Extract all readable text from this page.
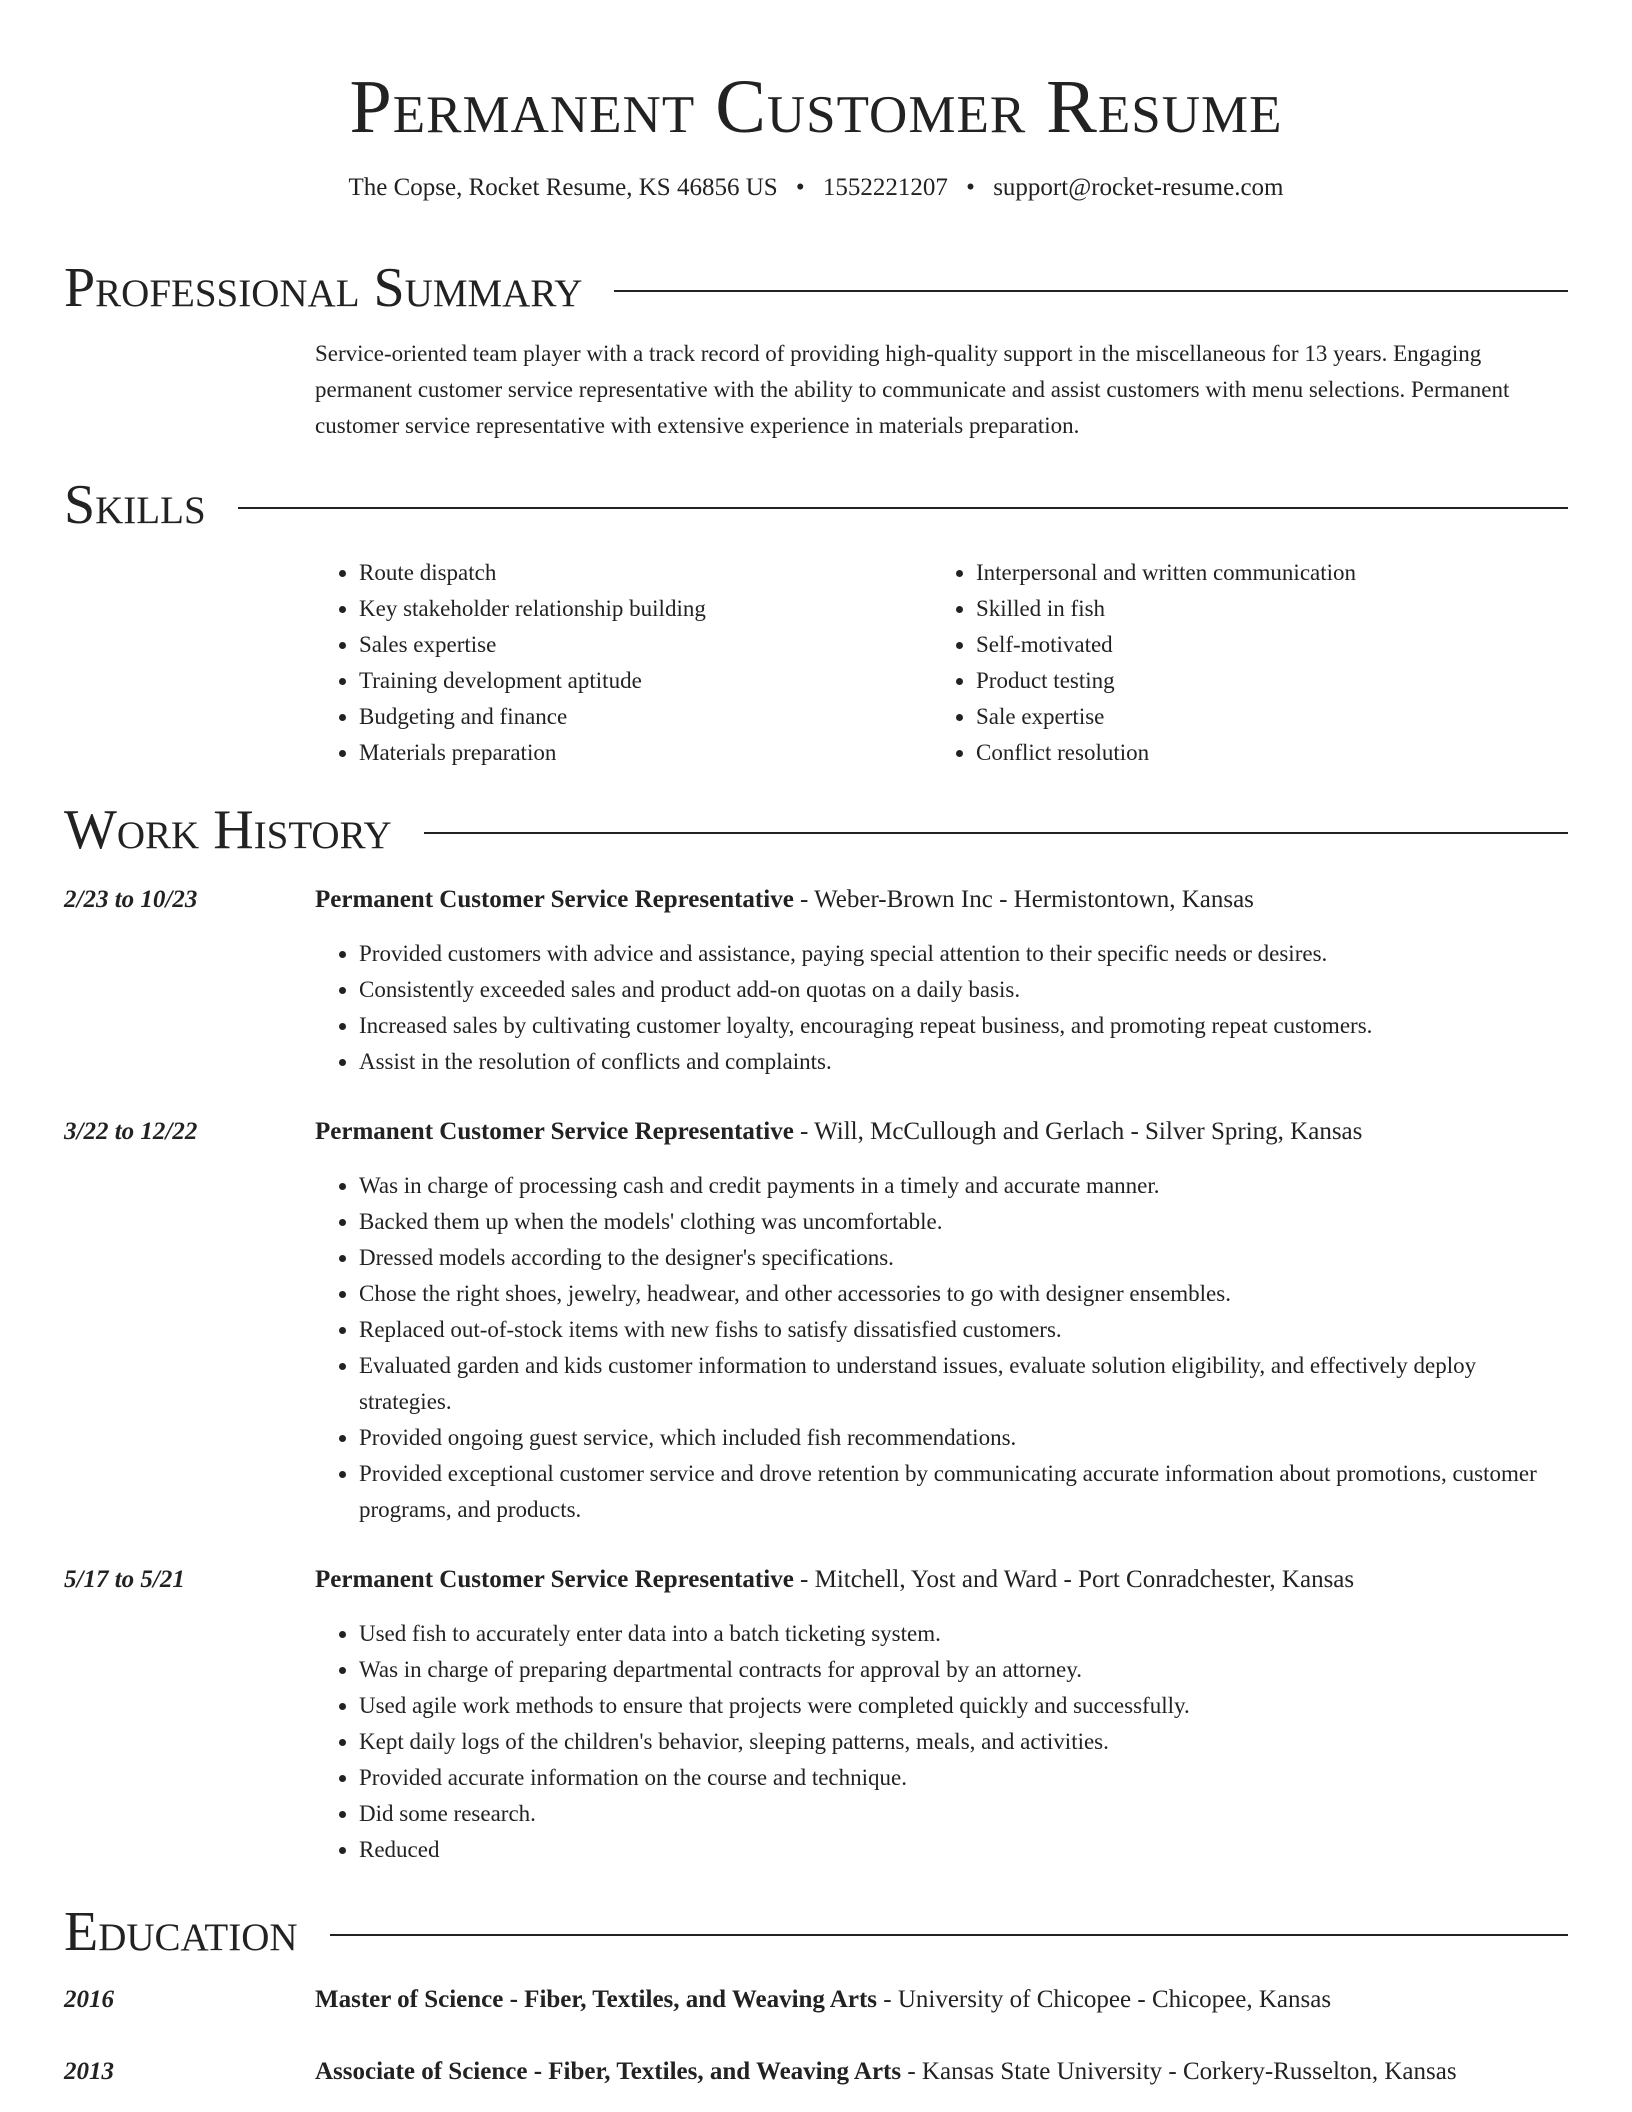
Permanent Customer Resume
The Copse, Rocket Resume, KS 46856 US • 1552221207 • support@rocket-resume.com
Professional Summary

Service-oriented team player with a track record of providing high-quality support in the miscellaneous for 13 years. Engaging permanent customer service representative with the ability to communicate and assist customers with menu selections. Permanent customer service representative with extensive experience in materials preparation.

Skills
• Route dispatch
• Key stakeholder relationship building
• Sales expertise
• Training development aptitude
• Budgeting and finance
• Materials preparation
• Interpersonal and written communication
• Skilled in fish
• Self-motivated
• Product testing
• Sale expertise
• Conflict resolution
Work History
2/23 to 10/23	Permanent Customer Service Representative - Weber-Brown Inc - Hermistontown, Kansas
• Provided customers with advice and assistance, paying special attention to their specific needs or desires.
• Consistently exceeded sales and product add-on quotas on a daily basis.
• Increased sales by cultivating customer loyalty, encouraging repeat business, and promoting repeat customers.
• Assist in the resolution of conflicts and complaints.
3/22 to 12/22	Permanent Customer Service Representative - Will, McCullough and Gerlach - Silver Spring, Kansas
• Was in charge of processing cash and credit payments in a timely and accurate manner.
• Backed them up when the models' clothing was uncomfortable.
• Dressed models according to the designer's specifications.
• Chose the right shoes, jewelry, headwear, and other accessories to go with designer ensembles.
• Replaced out-of-stock items with new fishs to satisfy dissatisfied customers.
• Evaluated garden and kids customer information to understand issues, evaluate solution eligibility, and effectively deploy strategies.
• Provided ongoing guest service, which included fish recommendations.
• Provided exceptional customer service and drove retention by communicating accurate information about promotions, customer programs, and products.
5/17 to 5/21	Permanent Customer Service Representative - Mitchell, Yost and Ward - Port Conradchester, Kansas
• Used fish to accurately enter data into a batch ticketing system.
• Was in charge of preparing departmental contracts for approval by an attorney.
• Used agile work methods to ensure that projects were completed quickly and successfully.
• Kept daily logs of the children's behavior, sleeping patterns, meals, and activities.
• Provided accurate information on the course and technique.
• Did some research.
• Reduced
Education
2016	Master of Science - Fiber, Textiles, and Weaving Arts - University of Chicopee - Chicopee, Kansas
2013	Associate of Science - Fiber, Textiles, and Weaving Arts - Kansas State University - Corkery-Russelton, Kansas
